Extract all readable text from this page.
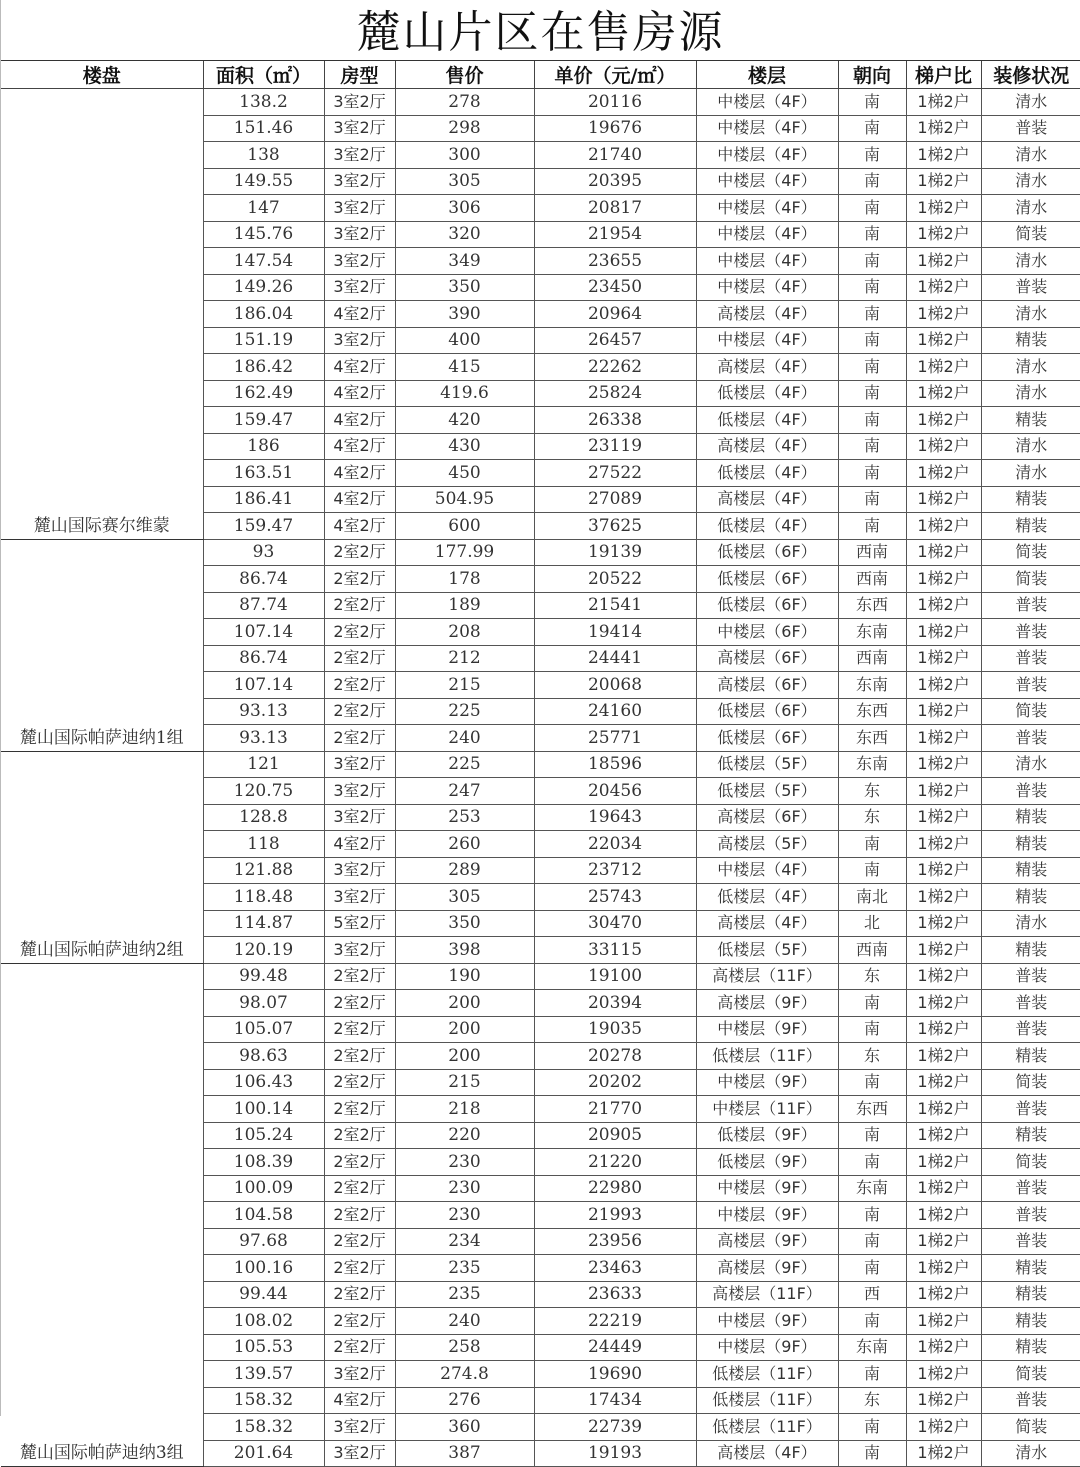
麓山片区在售房源
楼盘	面积（㎡）	房型	售价	单价（元/㎡）	楼层	朝向	梯户比	装修状况
麓山国际赛尔维蒙	138.2	3室2厅	278	20116	中楼层（4F）	南	1梯2户	清水
	151.46	3室2厅	298	19676	中楼层（4F）	南	1梯2户	普装
	138	3室2厅	300	21740	中楼层（4F）	南	1梯2户	清水
	149.55	3室2厅	305	20395	中楼层（4F）	南	1梯2户	清水
	147	3室2厅	306	20817	中楼层（4F）	南	1梯2户	清水
	145.76	3室2厅	320	21954	中楼层（4F）	南	1梯2户	简装
	147.54	3室2厅	349	23655	中楼层（4F）	南	1梯2户	清水
	149.26	3室2厅	350	23450	中楼层（4F）	南	1梯2户	普装
	186.04	4室2厅	390	20964	高楼层（4F）	南	1梯2户	清水
	151.19	3室2厅	400	26457	中楼层（4F）	南	1梯2户	精装
	186.42	4室2厅	415	22262	高楼层（4F）	南	1梯2户	清水
	162.49	4室2厅	419.6	25824	低楼层（4F）	南	1梯2户	清水
	159.47	4室2厅	420	26338	低楼层（4F）	南	1梯2户	精装
	186	4室2厅	430	23119	高楼层（4F）	南	1梯2户	清水
	163.51	4室2厅	450	27522	低楼层（4F）	南	1梯2户	清水
	186.41	4室2厅	504.95	27089	高楼层（4F）	南	1梯2户	精装
	159.47	4室2厅	600	37625	低楼层（4F）	南	1梯2户	精装
麓山国际帕萨迪纳1组	93	2室2厅	177.99	19139	低楼层（6F）	西南	1梯2户	简装
	86.74	2室2厅	178	20522	低楼层（6F）	西南	1梯2户	简装
	87.74	2室2厅	189	21541	低楼层（6F）	东西	1梯2户	普装
	107.14	2室2厅	208	19414	中楼层（6F）	东南	1梯2户	普装
	86.74	2室2厅	212	24441	高楼层（6F）	西南	1梯2户	普装
	107.14	2室2厅	215	20068	高楼层（6F）	东南	1梯2户	普装
	93.13	2室2厅	225	24160	低楼层（6F）	东西	1梯2户	简装
	93.13	2室2厅	240	25771	低楼层（6F）	东西	1梯2户	普装
麓山国际帕萨迪纳2组	121	3室2厅	225	18596	低楼层（5F）	东南	1梯2户	清水
	120.75	3室2厅	247	20456	低楼层（5F）	东	1梯2户	普装
	128.8	3室2厅	253	19643	高楼层（6F）	东	1梯2户	精装
	118	4室2厅	260	22034	高楼层（5F）	南	1梯2户	精装
	121.88	3室2厅	289	23712	中楼层（4F）	南	1梯2户	精装
	118.48	3室2厅	305	25743	低楼层（4F）	南北	1梯2户	精装
	114.87	5室2厅	350	30470	高楼层（4F）	北	1梯2户	清水
	120.19	3室2厅	398	33115	低楼层（5F）	西南	1梯2户	精装
麓山国际帕萨迪纳3组	99.48	2室2厅	190	19100	高楼层（11F）	东	1梯2户	普装
	98.07	2室2厅	200	20394	高楼层（9F）	南	1梯2户	普装
	105.07	2室2厅	200	19035	中楼层（9F）	南	1梯2户	普装
	98.63	2室2厅	200	20278	低楼层（11F）	东	1梯2户	精装
	106.43	2室2厅	215	20202	中楼层（9F）	南	1梯2户	简装
	100.14	2室2厅	218	21770	中楼层（11F）	东西	1梯2户	普装
	105.24	2室2厅	220	20905	低楼层（9F）	南	1梯2户	精装
	108.39	2室2厅	230	21220	低楼层（9F）	南	1梯2户	简装
	100.09	2室2厅	230	22980	中楼层（9F）	东南	1梯2户	普装
	104.58	2室2厅	230	21993	中楼层（9F）	南	1梯2户	普装
	97.68	2室2厅	234	23956	高楼层（9F）	南	1梯2户	普装
	100.16	2室2厅	235	23463	高楼层（9F）	南	1梯2户	精装
	99.44	2室2厅	235	23633	高楼层（11F）	西	1梯2户	精装
	108.02	2室2厅	240	22219	中楼层（9F）	南	1梯2户	精装
	105.53	2室2厅	258	24449	中楼层（9F）	东南	1梯2户	精装
	139.57	3室2厅	274.8	19690	低楼层（11F）	南	1梯2户	简装
	158.32	4室2厅	276	17434	低楼层（11F）	东	1梯2户	普装
	158.32	3室2厅	360	22739	低楼层（11F）	南	1梯2户	简装
	201.64	3室2厅	387	19193	高楼层（4F）	南	1梯2户	清水
